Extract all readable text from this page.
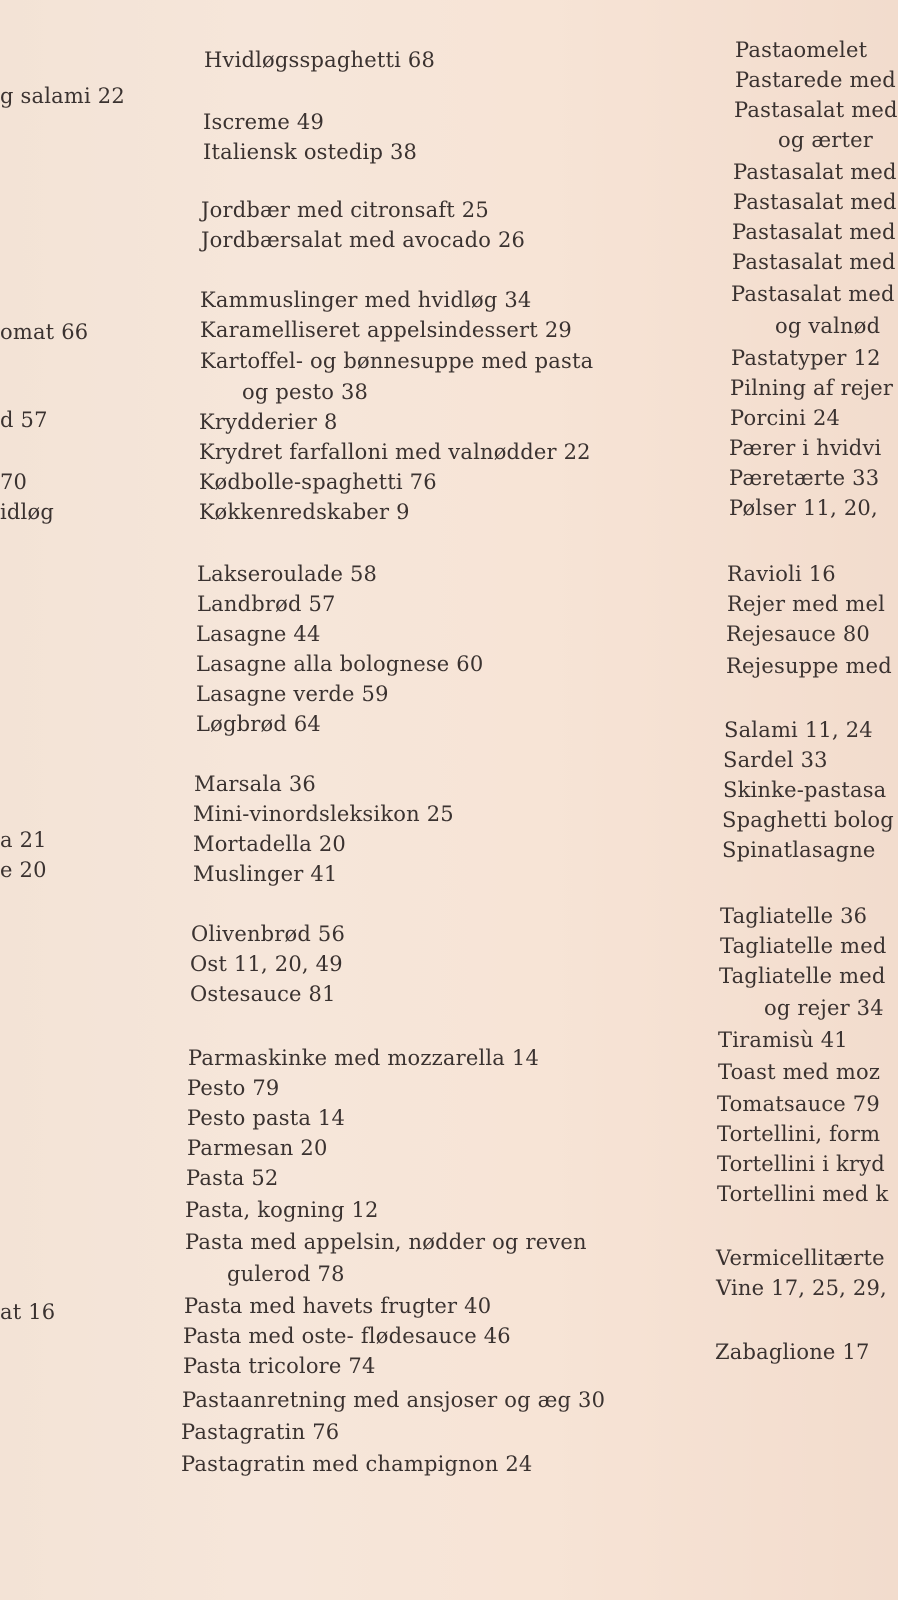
g salami 22
omat 66
d 57
70
idløg
a 21
e 20
at 16
Hvidløgsspaghetti 68
Iscreme 49
Italiensk ostedip 38
Jordbær med citronsaft 25
Jordbærsalat med avocado 26
Kammuslinger med hvidløg 34
Karamelliseret appelsindessert 29
Kartoffel- og bønnesuppe med pasta
og pesto 38
Krydderier 8
Krydret farfalloni med valnødder 22
Kødbolle-spaghetti 76
Køkkenredskaber 9
Lakseroulade 58
Landbrød 57
Lasagne 44
Lasagne alla bolognese 60
Lasagne verde 59
Løgbrød 64
Marsala 36
Mini-vinordsleksikon 25
Mortadella 20
Muslinger 41
Olivenbrød 56
Ost 11, 20, 49
Ostesauce 81
Parmaskinke med mozzarella 14
Pesto 79
Pesto pasta 14
Parmesan 20
Pasta 52
Pasta, kogning 12
Pasta med appelsin, nødder og reven
gulerod 78
Pasta med havets frugter 40
Pasta med oste- flødesauce 46
Pasta tricolore 74
Pastaanretning med ansjoser og æg 30
Pastagratin 76
Pastagratin med champignon 24
Pastaomelet
Pastarede med
Pastasalat med
og ærter
Pastasalat med
Pastasalat med
Pastasalat med
Pastasalat med
Pastasalat med
og valnød
Pastatyper 12
Pilning af rejer
Porcini 24
Pærer i hvidvi
Pæretærte 33
Pølser 11, 20,
Ravioli 16
Rejer med mel
Rejesauce 80
Rejesuppe med
Salami 11, 24
Sardel 33
Skinke-pastasa
Spaghetti bolog
Spinatlasagne
Tagliatelle 36
Tagliatelle med
Tagliatelle med
og rejer 34
Tiramisù 41
Toast med moz
Tomatsauce 79
Tortellini, form
Tortellini i kryd
Tortellini med k
Vermicellitærte
Vine 17, 25, 29,
Zabaglione 17
